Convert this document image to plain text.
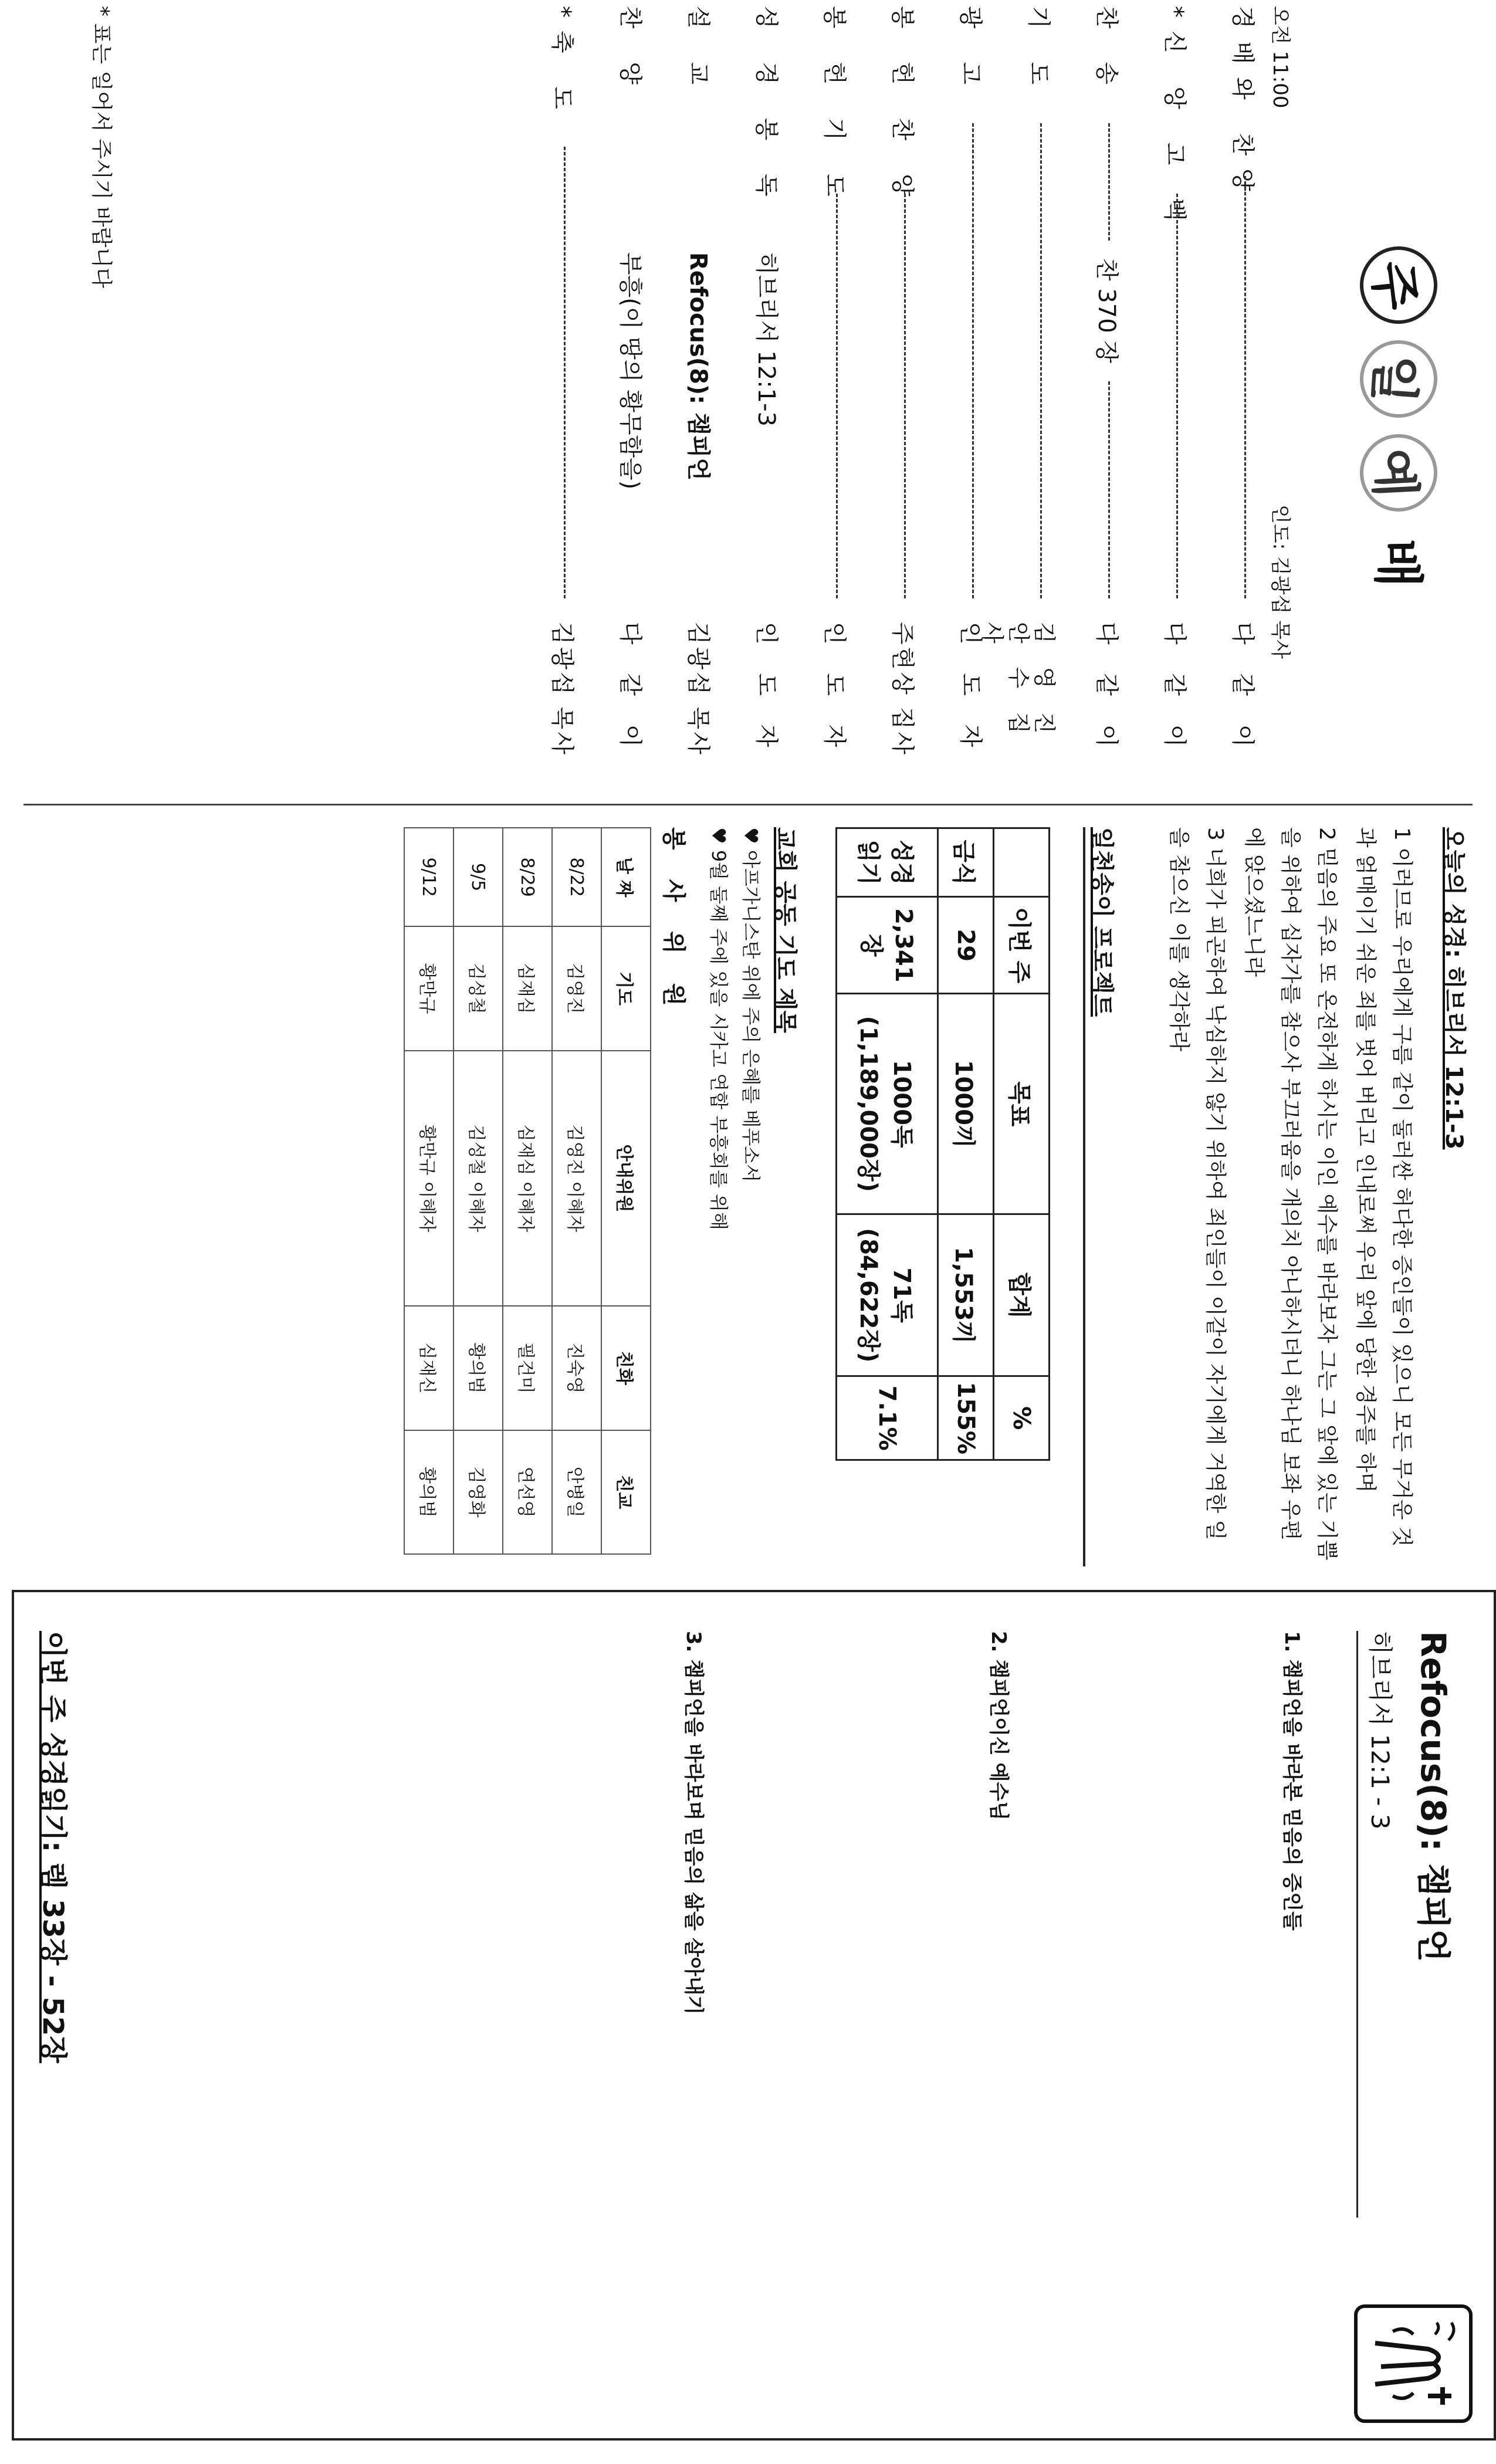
주
일
예
배
오전 11:00
인도: 김광섭 목사
경배와 찬양
다 같 이
*신 앙 고 백
다 같 이
찬 송
찬 370 장
다 같 이
기 도
김 영 진 안 수 집 사
광 고
인 도 자
봉 헌 찬 양
주현상 집사
봉 헌 기 도
인 도 자
성 경 봉 독
히브리서 12:1-3
인 도 자
설 교
Refocus(8): 챔피언
김광섭 목사
찬 양
부흥(이 땅의 황무함을)
다 같 이
*축 도
김광섭 목사
* 표는 일어서 주시기 바랍니다
오늘의 성경: 히브리서 12:1-3
1 이러므로 우리에게 구름 같이 둘러싼 허다한 증인들이 있으니 모든 무거운 것과 얽매이기 쉬운 죄를 벗어 버리고 인내로써 우리 앞에 당한 경주를 하며
2 믿음의 주요 또 온전하게 하시는 이인 예수를 바라보자 그는 그 앞에 있는 기쁨을 위하여 십자가를 참으사 부끄러움을 개의치 아니하시더니 하나님 보좌 우편에 앉으셨느니라
3 너희가 피곤하여 낙심하지 않기 위하여 죄인들이 이같이 자기에게 거역한 일을 참으신 이를 생각하라
일천송이 프로젝트
	이번 주	목표	합계	%
금식	29	1000끼	1,553끼	155%
성경읽기	2,341장	1000독 (1,189,000장)	71독 (84,622장)	7.1%
교회 공동 기도 제목
♥ 아프가니스탄 위에 주의 은혜를 베푸소서
♥ 9월 둘째 주에 있을 시카고 연합 부흥회를 위해
봉 사 위 원
날 짜	기도	안내위원	친화	친교
8/22	김영진	김영진 이혜자	진숙영	안병일
8/29	심재심	심재심 이혜자	필건미	연선영
9/5	김성철	김성철 이혜자	황의범	김영화
9/12	황만규	황만규 이혜자	심재신	황의범
Refocus(8): 챔피언
히브리서 12:1 - 3
1. 챔피언을 바라본 믿음의 증인들
2. 챔피언이신 예수님
3. 챔피언을 바라보며 믿음의 삶을 살아내기
이번 주 성경읽기: 렘 33장 - 52장
